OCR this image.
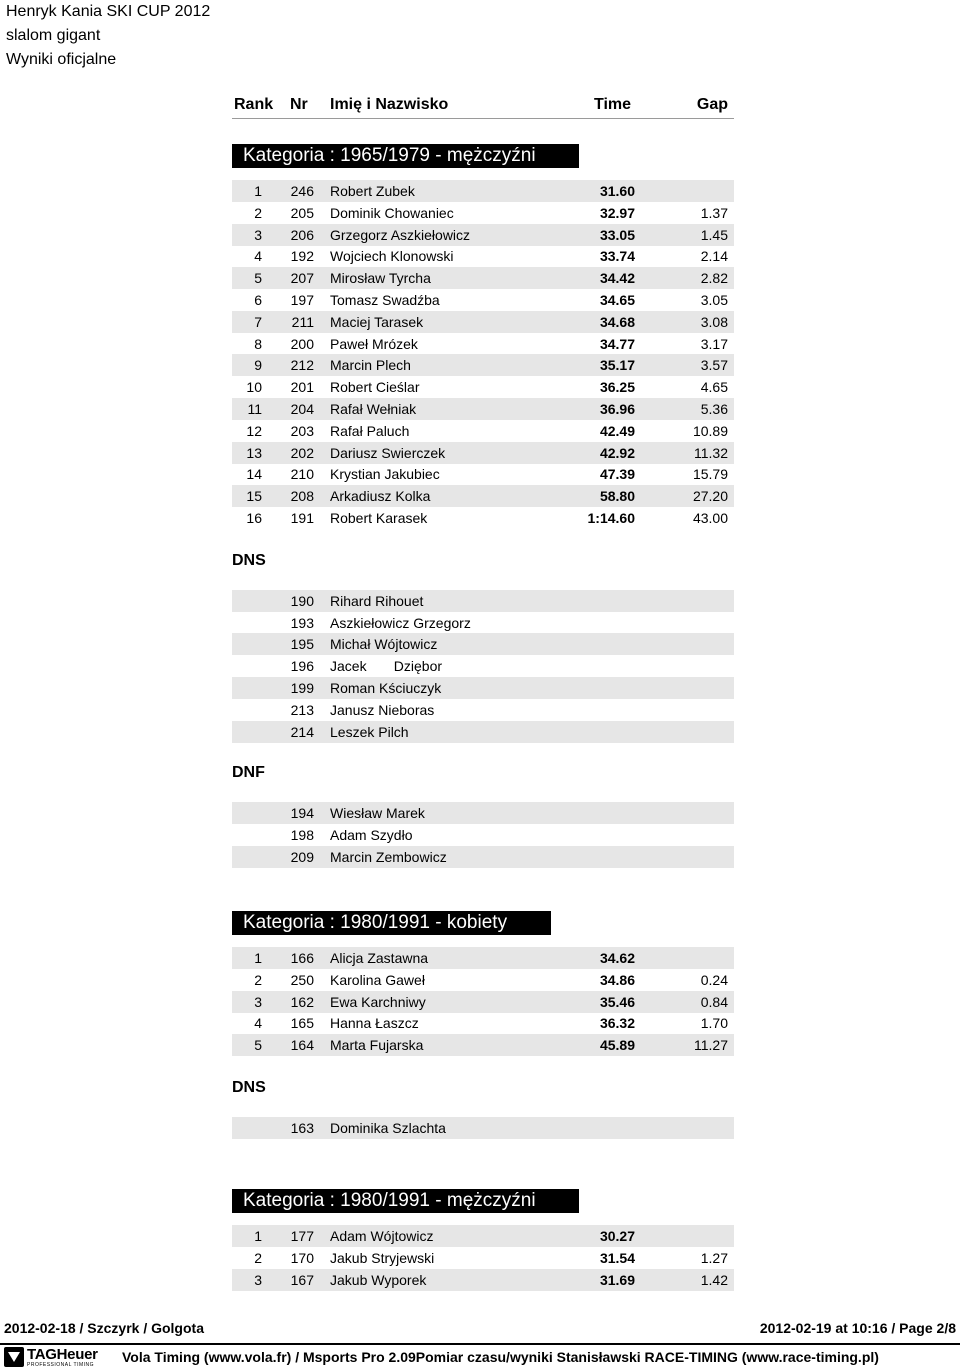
Henryk Kania SKI CUP 2012
slalom gigant
Wyniki oficjalne
Rank Nr Imię i Nazwisko	Time	Gap
Kategoria : 1965/1979 - mężczyźni
1	246 Robert Zubek	31.60
2	205 Dominik Chowaniec	32.97	1.37
3	206 Grzegorz Aszkiełowicz	33.05	1.45
4	192 Wojciech Klonowski	33.74	2.14
5	207 Mirosław Tyrcha	34.42	2.82
6	197 Tomasz Swadźba	34.65	3.05
7	211 Maciej Tarasek	34.68	3.08
8	200 Paweł Mrózek	34.77	3.17
9	212 Marcin Plech	35.17	3.57
10	201 Robert Cieślar	36.25	4.65
11	204 Rafał Wełniak	36.96	5.36
12	203 Rafał Paluch	42.49	10.89
13	202 Dariusz Swierczek	42.92	11.32
14	210 Krystian Jakubiec	47.39	15.79
15	208 Arkadiusz Kolka	58.80	27.20
16	191 Robert Karasek	1:14.60	43.00
DNS
190 Rihard Rihouet
193 Aszkiełowicz Grzegorz
195 Michał Wójtowicz
196 Jacek       Dziębor
199 Roman Kściuczyk
213 Janusz Nieboras
214 Leszek Pilch
DNF
194 Wiesław Marek
198 Adam Szydło
209 Marcin Zembowicz
Kategoria : 1980/1991 - kobiety
1	166 Alicja Zastawna	34.62
2	250 Karolina Gaweł	34.86	0.24
3	162 Ewa Karchniwy	35.46	0.84
4	165 Hanna Łaszcz	36.32	1.70
5	164 Marta Fujarska	45.89	11.27
DNS
163 Dominika Szlachta
Kategoria : 1980/1991 - mężczyźni
1	177 Adam Wójtowicz	30.27
2	170 Jakub Stryjewski	31.54	1.27
3	167 Jakub Wyporek	31.69	1.42
2012-02-18 / Szczyrk / Golgota	2012-02-19 at 10:16 / Page 2/8
TAGHeuer
PROFESSIONAL TIMING Vola Timing (www.vola.fr) / Msports Pro 2.09Pomiar czasu/wyniki Stanisławski RACE-TIMING (www.race-timing.pl)
